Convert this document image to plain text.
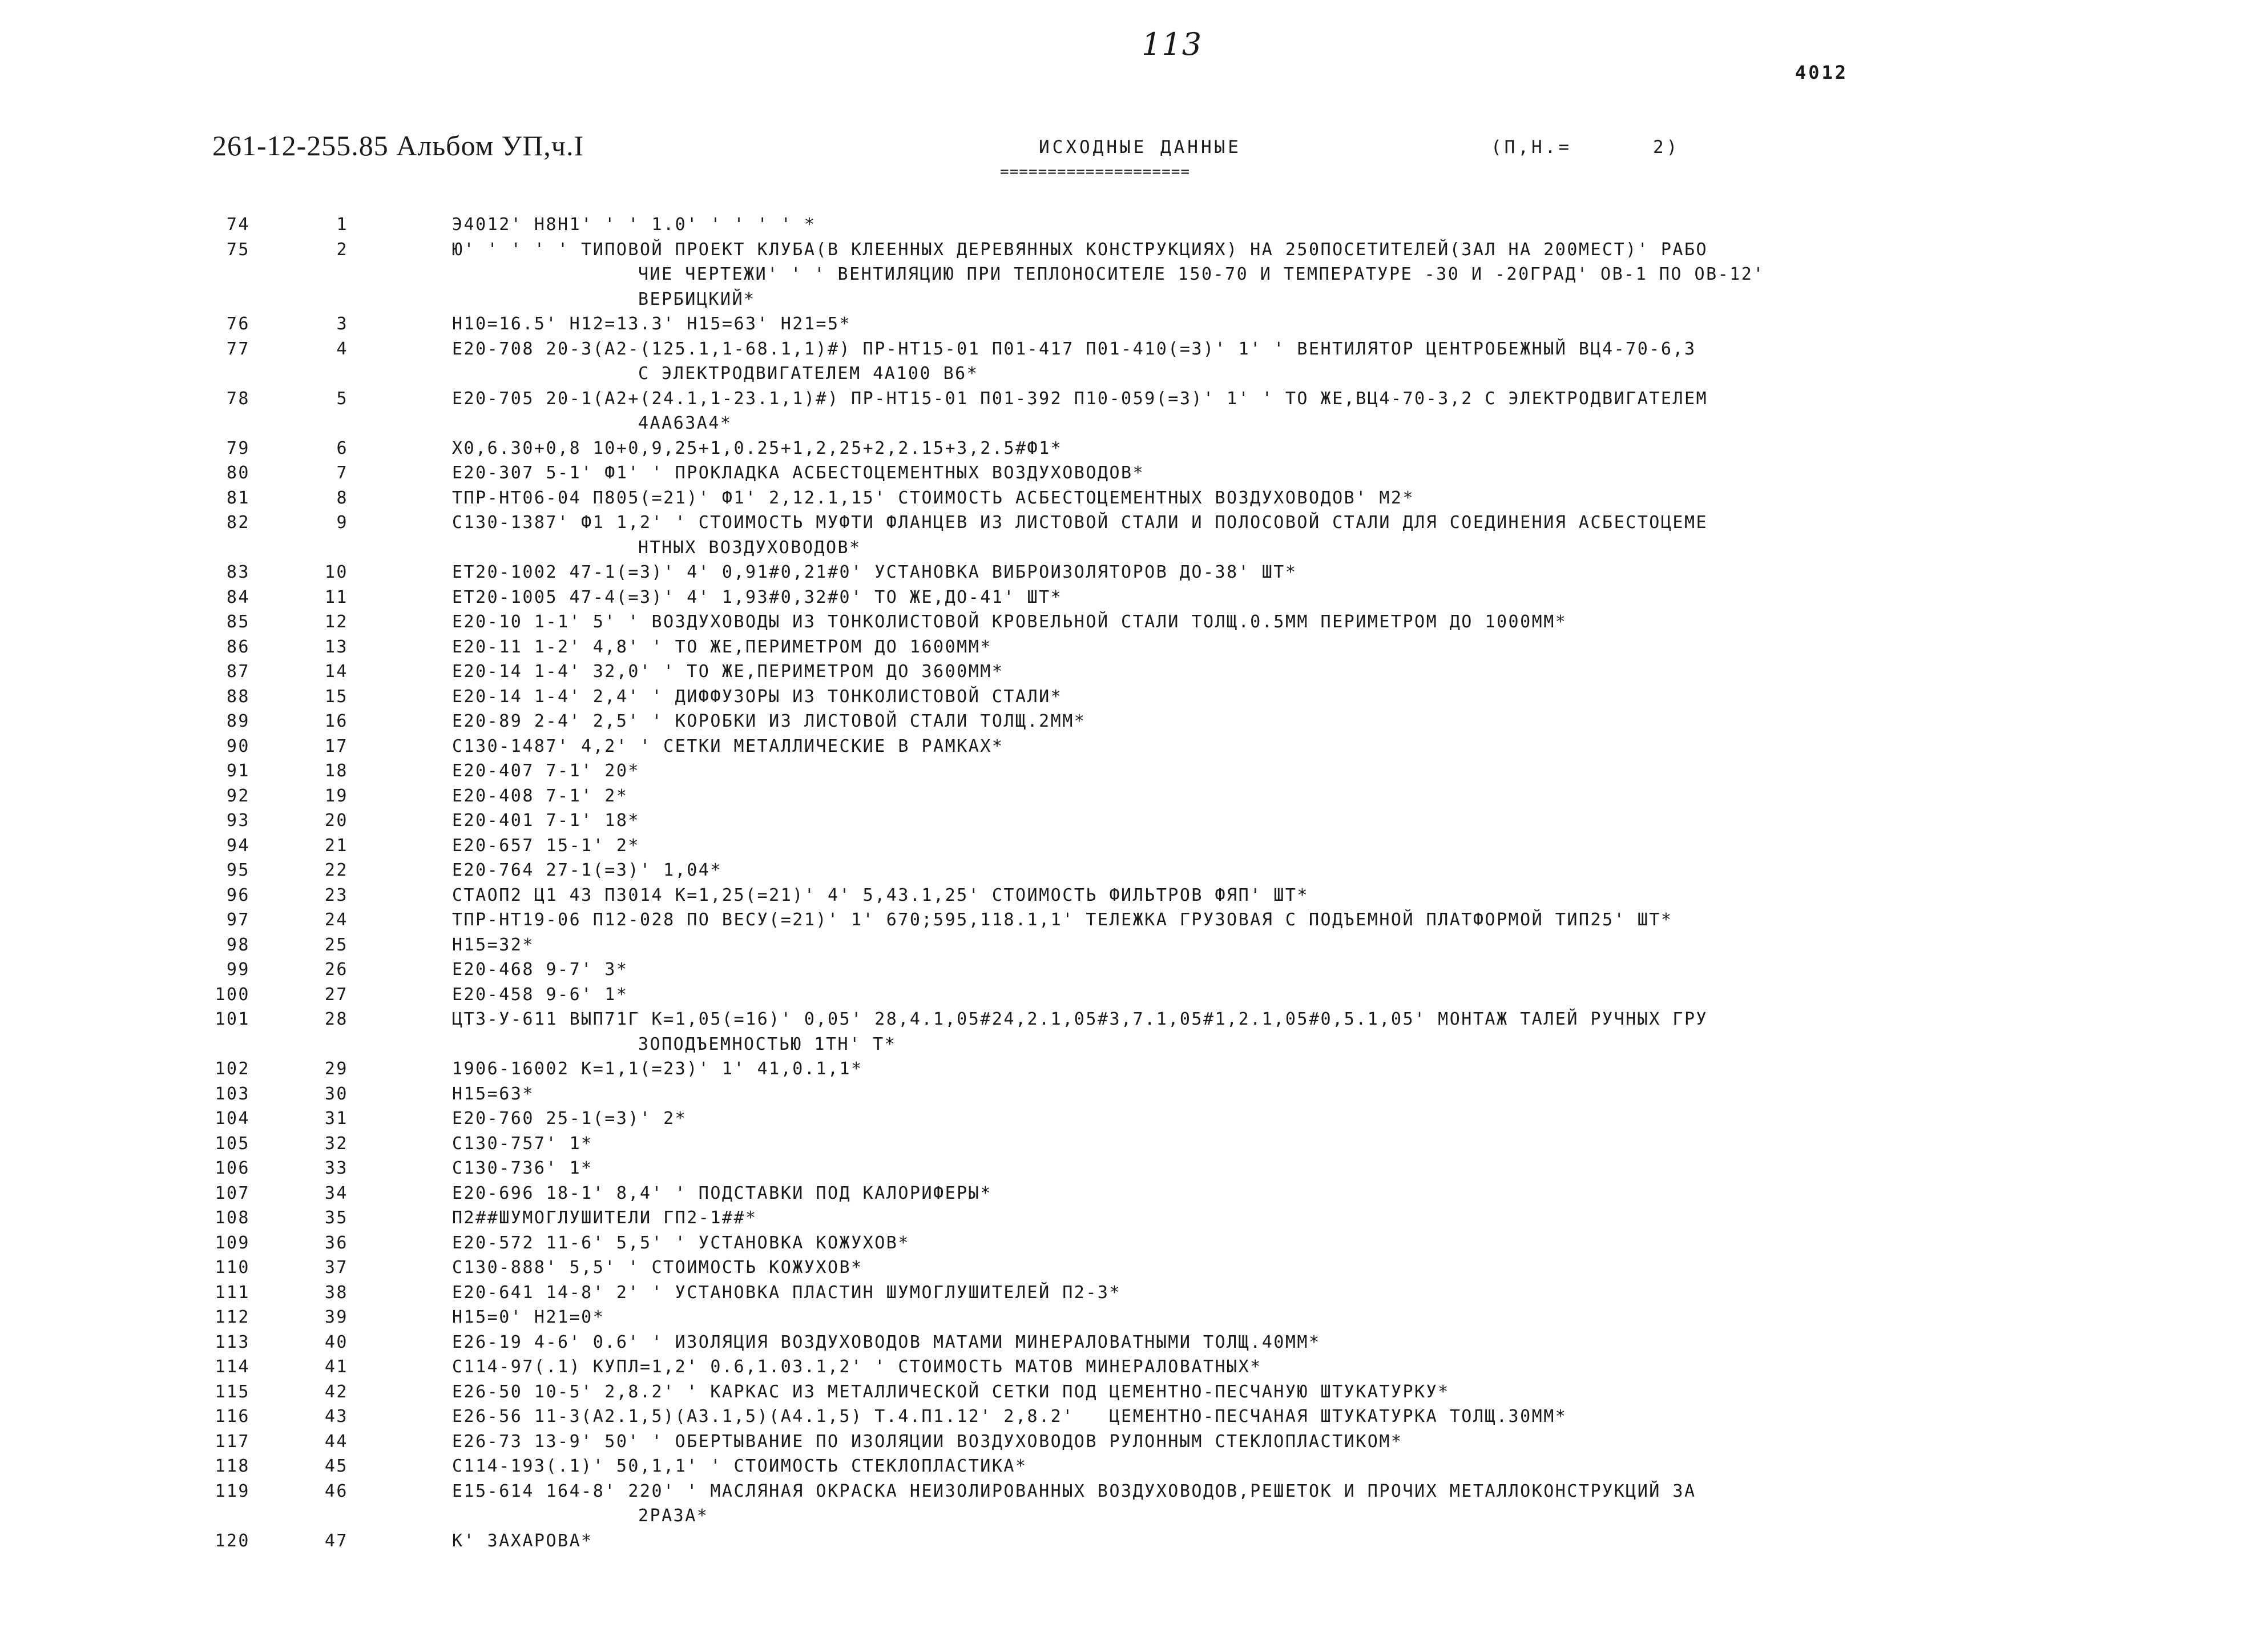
113
4012
261-12-255.85 Альбом УП,ч.I	ИСХОДНЫЕ ДАННЫЕ
====================
(П,Н.=      2)
74	1	Э4012' Н8Н1' ' ' 1.0' ' ' ' ' *
75	2	Ю' ' ' ' ' ТИПОВОЙ ПРОЕКТ КЛУБА(В КЛЕЕННЫХ ДЕРЕВЯННЫХ КОНСТРУКЦИЯХ) НА 250ПОСЕТИТЕЛЕЙ(ЗАЛ НА 200МЕСТ)' РАБО
ЧИЕ ЧЕРТЕЖИ' ' ' ВЕНТИЛЯЦИЮ ПРИ ТЕПЛОНОСИТЕЛЕ 150-70 И ТЕМПЕРАТУРЕ -30 И -20ГРАД' ОВ-1 ПО ОВ-12'
ВЕРБИЦКИЙ*
76	3	Н10=16.5' Н12=13.3' Н15=63' Н21=5*
77	4	Е20-708 20-3(А2-(125.1,1-68.1,1)#) ПР-НТ15-01 П01-417 П01-410(=3)' 1' ' ВЕНТИЛЯТОР ЦЕНТРОБЕЖНЫЙ ВЦ4-70-6,3
С ЭЛЕКТРОДВИГАТЕЛЕМ 4А100 В6*
78	5	Е20-705 20-1(А2+(24.1,1-23.1,1)#) ПР-НТ15-01 П01-392 П10-059(=3)' 1' ' ТО ЖЕ,ВЦ4-70-3,2 С ЭЛЕКТРОДВИГАТЕЛЕМ
4АА63А4*
79	6	Х0,6.30+0,8 10+0,9,25+1,0.25+1,2,25+2,2.15+3,2.5#Ф1*
80	7	Е20-307 5-1' Ф1' ' ПРОКЛАДКА АСБЕСТОЦЕМЕНТНЫХ ВОЗДУХОВОДОВ*
81	8	ТПР-НТ06-04 П805(=21)' Ф1' 2,12.1,15' СТОИМОСТЬ АСБЕСТОЦЕМЕНТНЫХ ВОЗДУХОВОДОВ' М2*
82	9	С130-1387' Ф1 1,2' ' СТОИМОСТЬ МУФТИ ФЛАНЦЕВ ИЗ ЛИСТОВОЙ СТАЛИ И ПОЛОСОВОЙ СТАЛИ ДЛЯ СОЕДИНЕНИЯ АСБЕСТОЦЕМЕ
НТНЫХ ВОЗДУХОВОДОВ*
83	10	ЕТ20-1002 47-1(=3)' 4' 0,91#0,21#0' УСТАНОВКА ВИБРОИЗОЛЯТОРОВ ДО-38' ШТ*
84	11	ЕТ20-1005 47-4(=3)' 4' 1,93#0,32#0' ТО ЖЕ,ДО-41' ШТ*
85	12	Е20-10 1-1' 5' ' ВОЗДУХОВОДЫ ИЗ ТОНКОЛИСТОВОЙ КРОВЕЛЬНОЙ СТАЛИ ТОЛЩ.0.5ММ ПЕРИМЕТРОМ ДО 1000ММ*
86	13	Е20-11 1-2' 4,8' ' ТО ЖЕ,ПЕРИМЕТРОМ ДО 1600ММ*
87	14	Е20-14 1-4' 32,0' ' ТО ЖЕ,ПЕРИМЕТРОМ ДО 3600ММ*
88	15	Е20-14 1-4' 2,4' ' ДИФФУЗОРЫ ИЗ ТОНКОЛИСТОВОЙ СТАЛИ*
89	16	Е20-89 2-4' 2,5' ' КОРОБКИ ИЗ ЛИСТОВОЙ СТАЛИ ТОЛЩ.2ММ*
90	17	С130-1487' 4,2' ' СЕТКИ МЕТАЛЛИЧЕСКИЕ В РАМКАХ*
91	18	Е20-407 7-1' 20*
92	19	Е20-408 7-1' 2*
93	20	Е20-401 7-1' 18*
94	21	Е20-657 15-1' 2*
95	22	Е20-764 27-1(=3)' 1,04*
96	23	СТАОП2 Ц1 43 П3014 К=1,25(=21)' 4' 5,43.1,25' СТОИМОСТЬ ФИЛЬТРОВ ФЯП' ШТ*
97	24	ТПР-НТ19-06 П12-028 ПО ВЕСУ(=21)' 1' 670;595,118.1,1' ТЕЛЕЖКА ГРУЗОВАЯ С ПОДЪЕМНОЙ ПЛАТФОРМОЙ ТИП25' ШТ*
98	25	Н15=32*
99	26	Е20-468 9-7' 3*
100	27	Е20-458 9-6' 1*
101	28	ЦТ3-У-611 ВЫП71Г К=1,05(=16)' 0,05' 28,4.1,05#24,2.1,05#3,7.1,05#1,2.1,05#0,5.1,05' МОНТАЖ ТАЛЕЙ РУЧНЫХ ГРУ
ЗОПОДЪЕМНОСТЬЮ 1ТН' Т*
102	29	1906-16002 К=1,1(=23)' 1' 41,0.1,1*
103	30	Н15=63*
104	31	Е20-760 25-1(=3)' 2*
105	32	С130-757' 1*
106	33	С130-736' 1*
107	34	Е20-696 18-1' 8,4' ' ПОДСТАВКИ ПОД КАЛОРИФЕРЫ*
108	35	П2##ШУМОГЛУШИТЕЛИ ГП2-1##*
109	36	Е20-572 11-6' 5,5' ' УСТАНОВКА КОЖУХОВ*
110	37	С130-888' 5,5' ' СТОИМОСТЬ КОЖУХОВ*
111	38	Е20-641 14-8' 2' ' УСТАНОВКА ПЛАСТИН ШУМОГЛУШИТЕЛЕЙ П2-3*
112	39	Н15=0' Н21=0*
113	40	Е26-19 4-6' 0.6' ' ИЗОЛЯЦИЯ ВОЗДУХОВОДОВ МАТАМИ МИНЕРАЛОВАТНЫМИ ТОЛЩ.40ММ*
114	41	С114-97(.1) КУПЛ=1,2' 0.6,1.03.1,2' ' СТОИМОСТЬ МАТОВ МИНЕРАЛОВАТНЫХ*
115	42	Е26-50 10-5' 2,8.2' ' КАРКАС ИЗ МЕТАЛЛИЧЕСКОЙ СЕТКИ ПОД ЦЕМЕНТНО-ПЕСЧАНУЮ ШТУКАТУРКУ*
116	43	Е26-56 11-3(А2.1,5)(А3.1,5)(А4.1,5) Т.4.П1.12' 2,8.2'   ЦЕМЕНТНО-ПЕСЧАНАЯ ШТУКАТУРКА ТОЛЩ.30ММ*
117	44	Е26-73 13-9' 50' ' ОБЕРТЫВАНИЕ ПО ИЗОЛЯЦИИ ВОЗДУХОВОДОВ РУЛОННЫМ СТЕКЛОПЛАСТИКОМ*
118	45	С114-193(.1)' 50,1,1' ' СТОИМОСТЬ СТЕКЛОПЛАСТИКА*
119	46	Е15-614 164-8' 220' ' МАСЛЯНАЯ ОКРАСКА НЕИЗОЛИРОВАННЫХ ВОЗДУХОВОДОВ,РЕШЕТОК И ПРОЧИХ МЕТАЛЛОКОНСТРУКЦИЙ ЗА
2РАЗА*
120	47	К' ЗАХАРОВА*
